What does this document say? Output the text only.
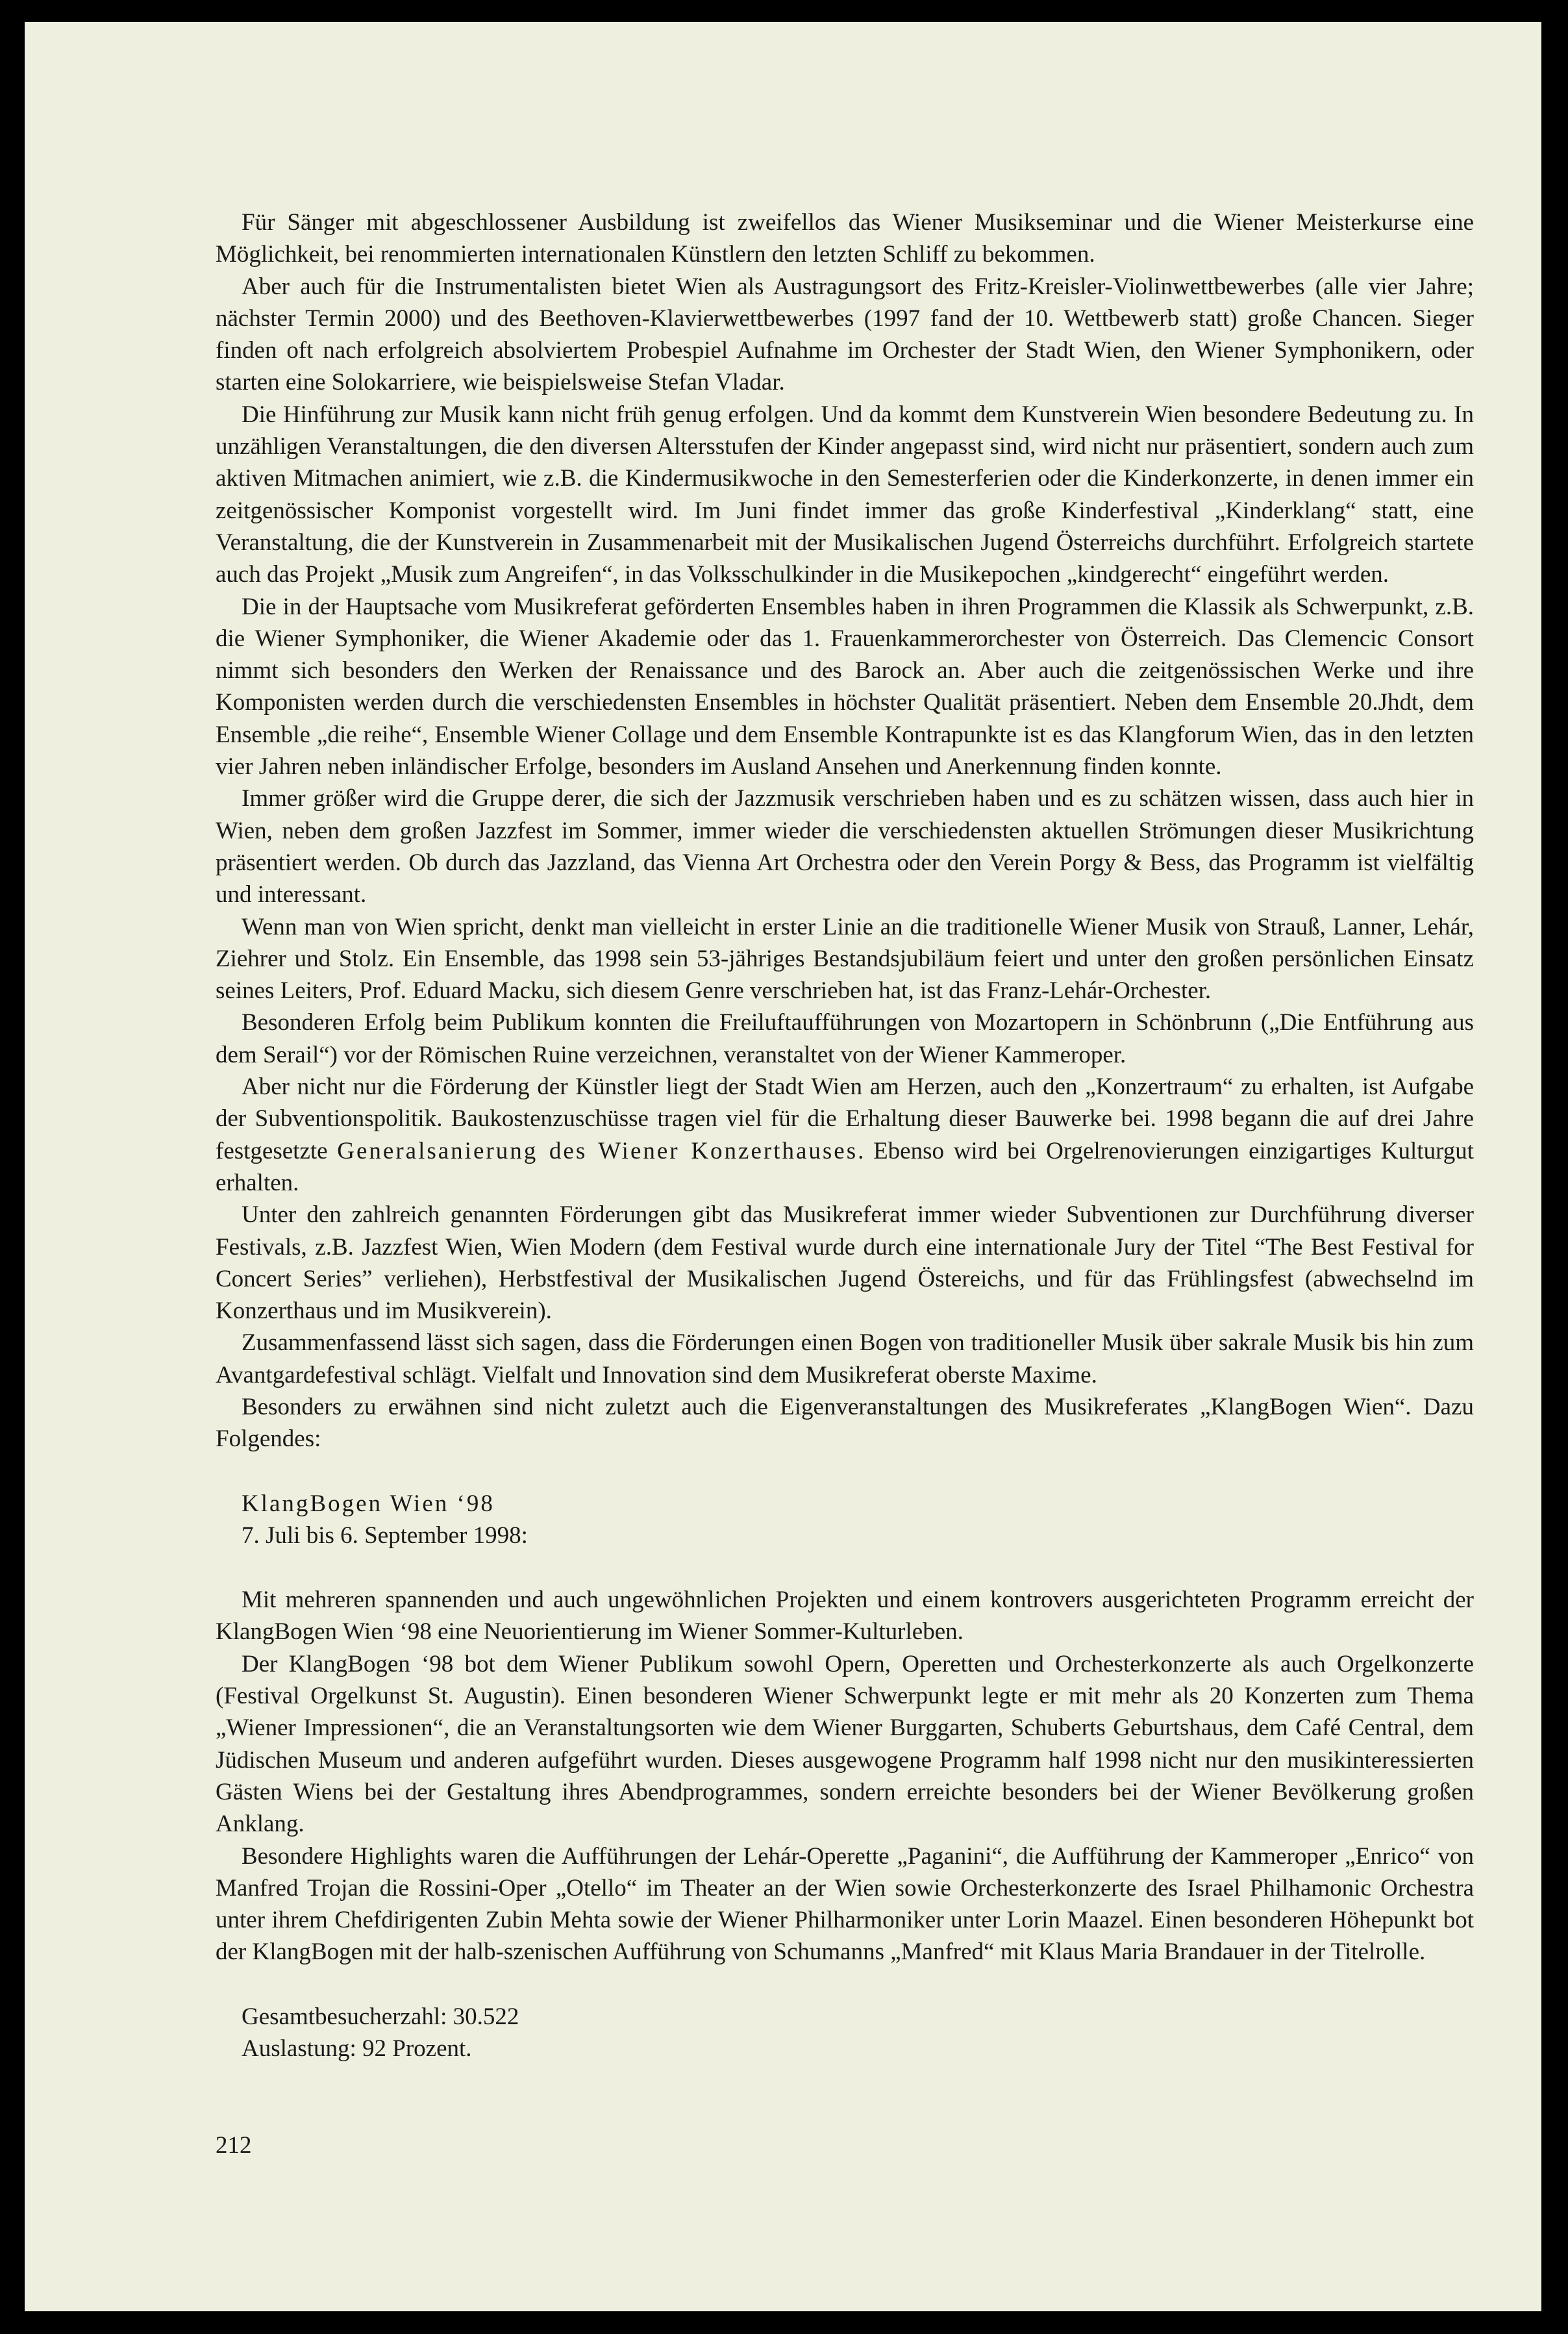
Für Sänger mit abgeschlossener Ausbildung ist zweifellos das Wiener Musikseminar und die Wiener Meisterkurse eine Möglichkeit, bei renommierten internationalen Künstlern den letzten Schliff zu bekommen.

Aber auch für die Instrumentalisten bietet Wien als Austragungsort des Fritz-Kreisler-Violinwettbewerbes (alle vier Jahre; nächster Termin 2000) und des Beethoven-Klavierwettbewerbes (1997 fand der 10. Wettbewerb statt) große Chancen. Sieger finden oft nach erfolgreich absolviertem Probespiel Aufnahme im Orchester der Stadt Wien, den Wiener Symphonikern, oder starten eine Solokarriere, wie beispielsweise Stefan Vladar.

Die Hinführung zur Musik kann nicht früh genug erfolgen. Und da kommt dem Kunstverein Wien besondere Bedeutung zu. In unzähligen Veranstaltungen, die den diversen Altersstufen der Kinder angepasst sind, wird nicht nur präsentiert, sondern auch zum aktiven Mitmachen animiert, wie z.B. die Kindermusikwoche in den Semesterferien oder die Kinderkonzerte, in denen immer ein zeitgenössischer Komponist vorgestellt wird. Im Juni findet immer das große Kinderfestival „Kinderklang“ statt, eine Veranstaltung, die der Kunstverein in Zusammenarbeit mit der Musikalischen Jugend Österreichs durchführt. Erfolgreich startete auch das Projekt „Musik zum Angreifen“, in das Volksschulkinder in die Musikepochen „kindgerecht“ eingeführt werden.

Die in der Hauptsache vom Musikreferat geförderten Ensembles haben in ihren Programmen die Klassik als Schwerpunkt, z.B. die Wiener Symphoniker, die Wiener Akademie oder das 1. Frauenkammerorchester von Österreich. Das Clemencic Consort nimmt sich besonders den Werken der Renaissance und des Barock an. Aber auch die zeitgenössischen Werke und ihre Komponisten werden durch die verschiedensten Ensembles in höchster Qualität präsentiert. Neben dem Ensemble 20.Jhdt, dem Ensemble „die reihe“, Ensemble Wiener Collage und dem Ensemble Kontrapunkte ist es das Klangforum Wien, das in den letzten vier Jahren neben inländischer Erfolge, besonders im Ausland Ansehen und Anerkennung finden konnte.

Immer größer wird die Gruppe derer, die sich der Jazzmusik verschrieben haben und es zu schätzen wissen, dass auch hier in Wien, neben dem großen Jazzfest im Sommer, immer wieder die verschiedensten aktuellen Strömungen dieser Musikrichtung präsentiert werden. Ob durch das Jazzland, das Vienna Art Orchestra oder den Verein Porgy & Bess, das Programm ist vielfältig und interessant.

Wenn man von Wien spricht, denkt man vielleicht in erster Linie an die traditionelle Wiener Musik von Strauß, Lanner, Lehár, Ziehrer und Stolz. Ein Ensemble, das 1998 sein 53-jähriges Bestandsjubiläum feiert und unter den großen persönlichen Einsatz seines Leiters, Prof. Eduard Macku, sich diesem Genre verschrieben hat, ist das Franz-Lehár-Orchester.

Besonderen Erfolg beim Publikum konnten die Freiluftaufführungen von Mozartopern in Schönbrunn („Die Entführung aus dem Serail“) vor der Römischen Ruine verzeichnen, veranstaltet von der Wiener Kammeroper.

Aber nicht nur die Förderung der Künstler liegt der Stadt Wien am Herzen, auch den „Konzertraum“ zu erhalten, ist Aufgabe der Subventionspolitik. Baukostenzuschüsse tragen viel für die Erhaltung dieser Bauwerke bei. 1998 begann die auf drei Jahre festgesetzte Generalsanierung des Wiener Konzerthauses. Ebenso wird bei Orgelrenovierungen einzigartiges Kulturgut erhalten.

Unter den zahlreich genannten Förderungen gibt das Musikreferat immer wieder Subventionen zur Durchführung diverser Festivals, z.B. Jazzfest Wien, Wien Modern (dem Festival wurde durch eine internationale Jury der Titel “The Best Festival for Concert Series” verliehen), Herbstfestival der Musikalischen Jugend Östereichs, und für das Frühlingsfest (abwechselnd im Konzerthaus und im Musikverein).

Zusammenfassend lässt sich sagen, dass die Förderungen einen Bogen von traditioneller Musik über sakrale Musik bis hin zum Avantgardefestival schlägt. Vielfalt und Innovation sind dem Musikreferat oberste Maxime.

Besonders zu erwähnen sind nicht zuletzt auch die Eigenveranstaltungen des Musikreferates „KlangBogen Wien“. Dazu Folgendes:

KlangBogen Wien ‘98
7. Juli bis 6. September 1998:

Mit mehreren spannenden und auch ungewöhnlichen Projekten und einem kontrovers ausgerichteten Programm erreicht der KlangBogen Wien ‘98 eine Neuorientierung im Wiener Sommer-Kulturleben.

Der KlangBogen ‘98 bot dem Wiener Publikum sowohl Opern, Operetten und Orchesterkonzerte als auch Orgelkonzerte (Festival Orgelkunst St. Augustin). Einen besonderen Wiener Schwerpunkt legte er mit mehr als 20 Konzerten zum Thema „Wiener Impressionen“, die an Veranstaltungsorten wie dem Wiener Burggarten, Schuberts Geburtshaus, dem Café Central, dem Jüdischen Museum und anderen aufgeführt wurden. Dieses ausgewogene Programm half 1998 nicht nur den musikinteressierten Gästen Wiens bei der Gestaltung ihres Abendprogrammes, sondern erreichte besonders bei der Wiener Bevölkerung großen Anklang.

Besondere Highlights waren die Aufführungen der Lehár-Operette „Paganini“, die Aufführung der Kammeroper „Enrico“ von Manfred Trojan die Rossini-Oper „Otello“ im Theater an der Wien sowie Orchesterkonzerte des Israel Philhamonic Orchestra unter ihrem Chefdirigenten Zubin Mehta sowie der Wiener Philharmoniker unter Lorin Maazel. Einen besonderen Höhepunkt bot der KlangBogen mit der halb-szenischen Aufführung von Schumanns „Manfred“ mit Klaus Maria Brandauer in der Titelrolle.

Gesamtbesucherzahl: 30.522
Auslastung: 92 Prozent.
212
